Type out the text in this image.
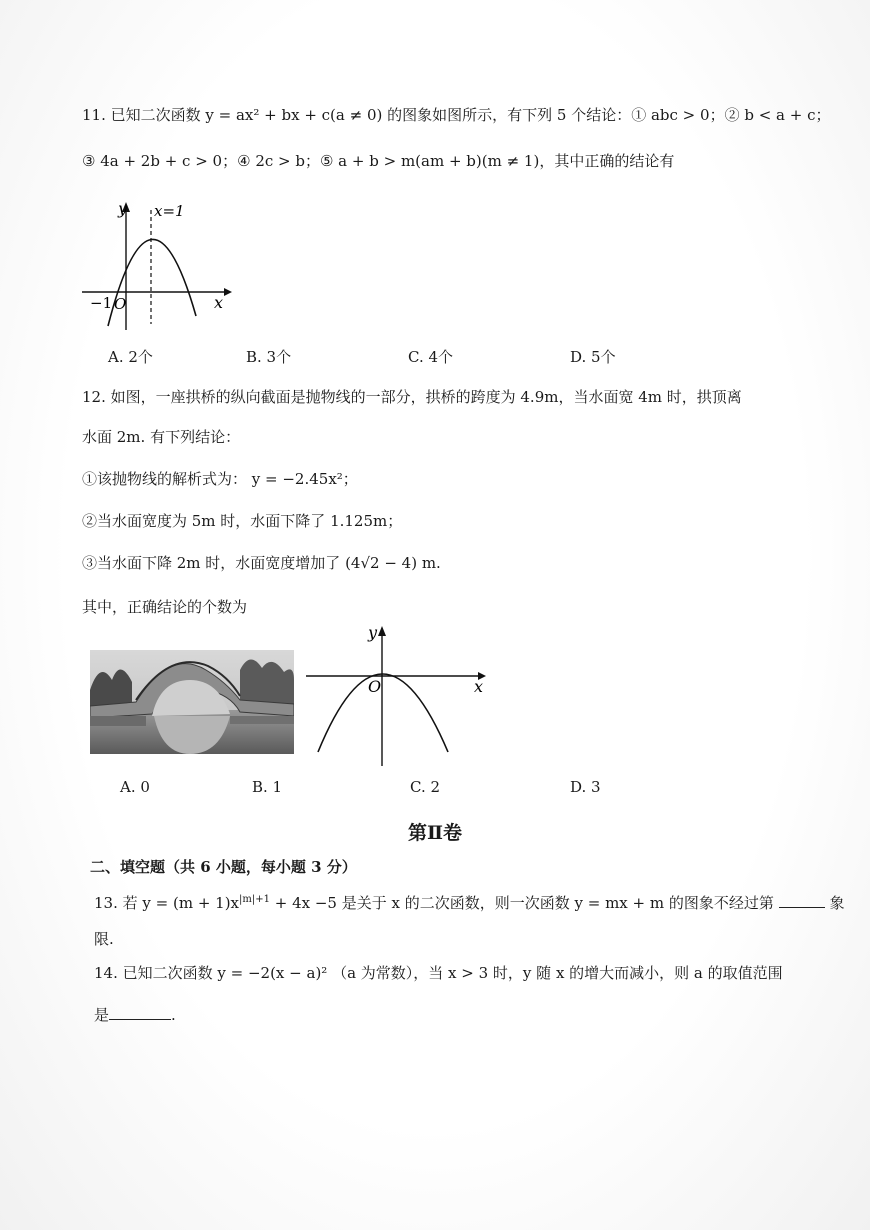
11. 已知二次函数 y = ax² + bx + c(a ≠ 0) 的图象如图所示，有下列 5 个结论：① abc > 0；② b < a + c；
③ 4a + 2b + c > 0；④ 2c > b；⑤ a + b > m(am + b)(m ≠ 1)，其中正确的结论有
y
x
x=1
−1 O
A. 2个	B. 3个	C. 4个	D. 5个
12. 如图，一座拱桥的纵向截面是抛物线的一部分，拱桥的跨度为 4.9m，当水面宽 4m 时，拱顶离
水面 2m. 有下列结论：
①该抛物线的解析式为： y = −2.45x²；
②当水面宽度为 5m 时，水面下降了 1.125m；
③当水面下降 2m 时，水面宽度增加了 (4√2 − 4) m.
其中，正确结论的个数为
y
x
O
A. 0	B. 1	C. 2	D. 3
第Ⅱ卷
二、填空题（共 6 小题，每小题 3 分）
13. 若 $y = (m + 1)x^{|m|+1} + 4x -5$ 是关于 x 的二次函数，则一次函数 y = mx + m 的图象不经过第	象
限.
14. 已知二次函数 y = −2(x − a)² （a 为常数），当 x > 3 时，y 随 x 的增大而减小，则 a 的取值范围
是	.
